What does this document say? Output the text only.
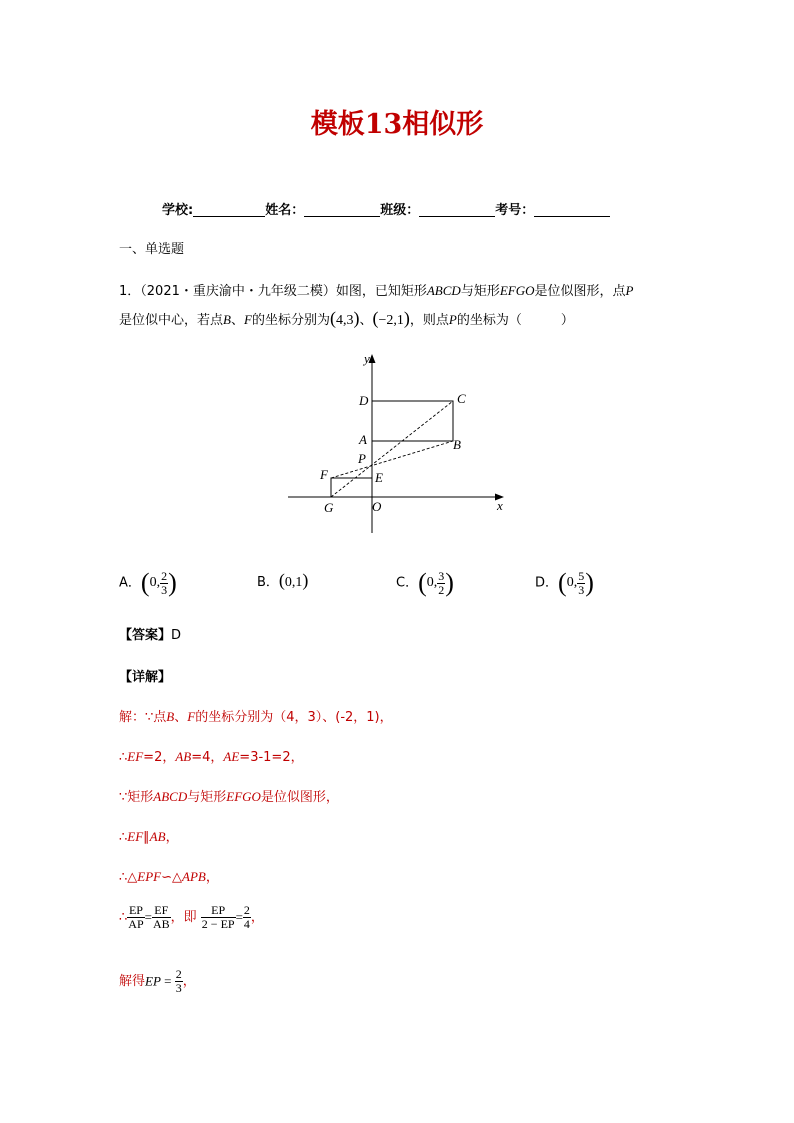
模板13相似形
学校:	姓名：	班级：	考号：
一、单选题
1．（2021・重庆渝中・九年级二模）如图，已知矩形ABCD与矩形EFGO是位似图形，点P
是位似中心，若点B、F的坐标分别为(4,3)、(−2,1)，则点P的坐标为（　　　）
y
x
D	C
A	B
P
F	E
G	O
A．(0, $\frac{2}{3}$ )	B．(0,1)	C．(0, $\frac{3}{2}$ )	D．(0, $\frac{5}{3}$ )
【答案】D
【详解】
解：∵点B、F的坐标分别为（4，3）、(-2，1)，
∴EF=2，AB=4，AE=3-1=2，
∵矩形ABCD与矩形EFGO是位似图形，
∴EF∥AB，
∴△EPF∽△APB，
∴ $\frac{EP}{AP} = \frac{EF}{AB}$ ，即 $\frac{EP}{2 - EP} = \frac{2}{4}$ ，
解得EP = $\frac{2}{3}$ ，
